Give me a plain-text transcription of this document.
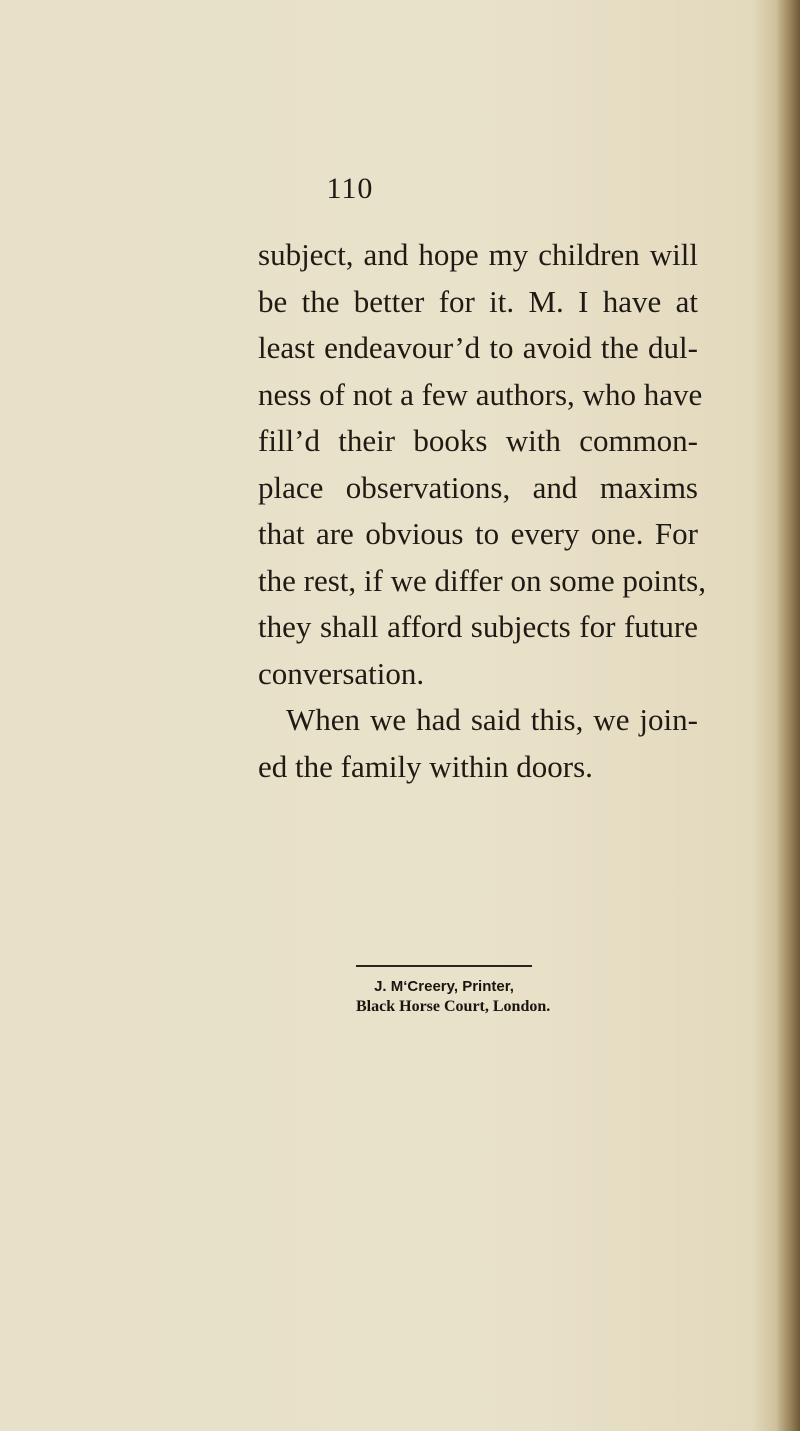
110
subject, and hope my children will
be the better for it. M. I have at
least endeavour’d to avoid the dul-
ness of not a few authors, who have
fill’d their books with common-
place observations, and maxims
that are obvious to every one. For
the rest, if we differ on some points,
they shall afford subjects for future
conversation.
When we had said this, we join-
ed the family within doors.
J. M‘Creery, Printer,
Black Horse Court, London.
